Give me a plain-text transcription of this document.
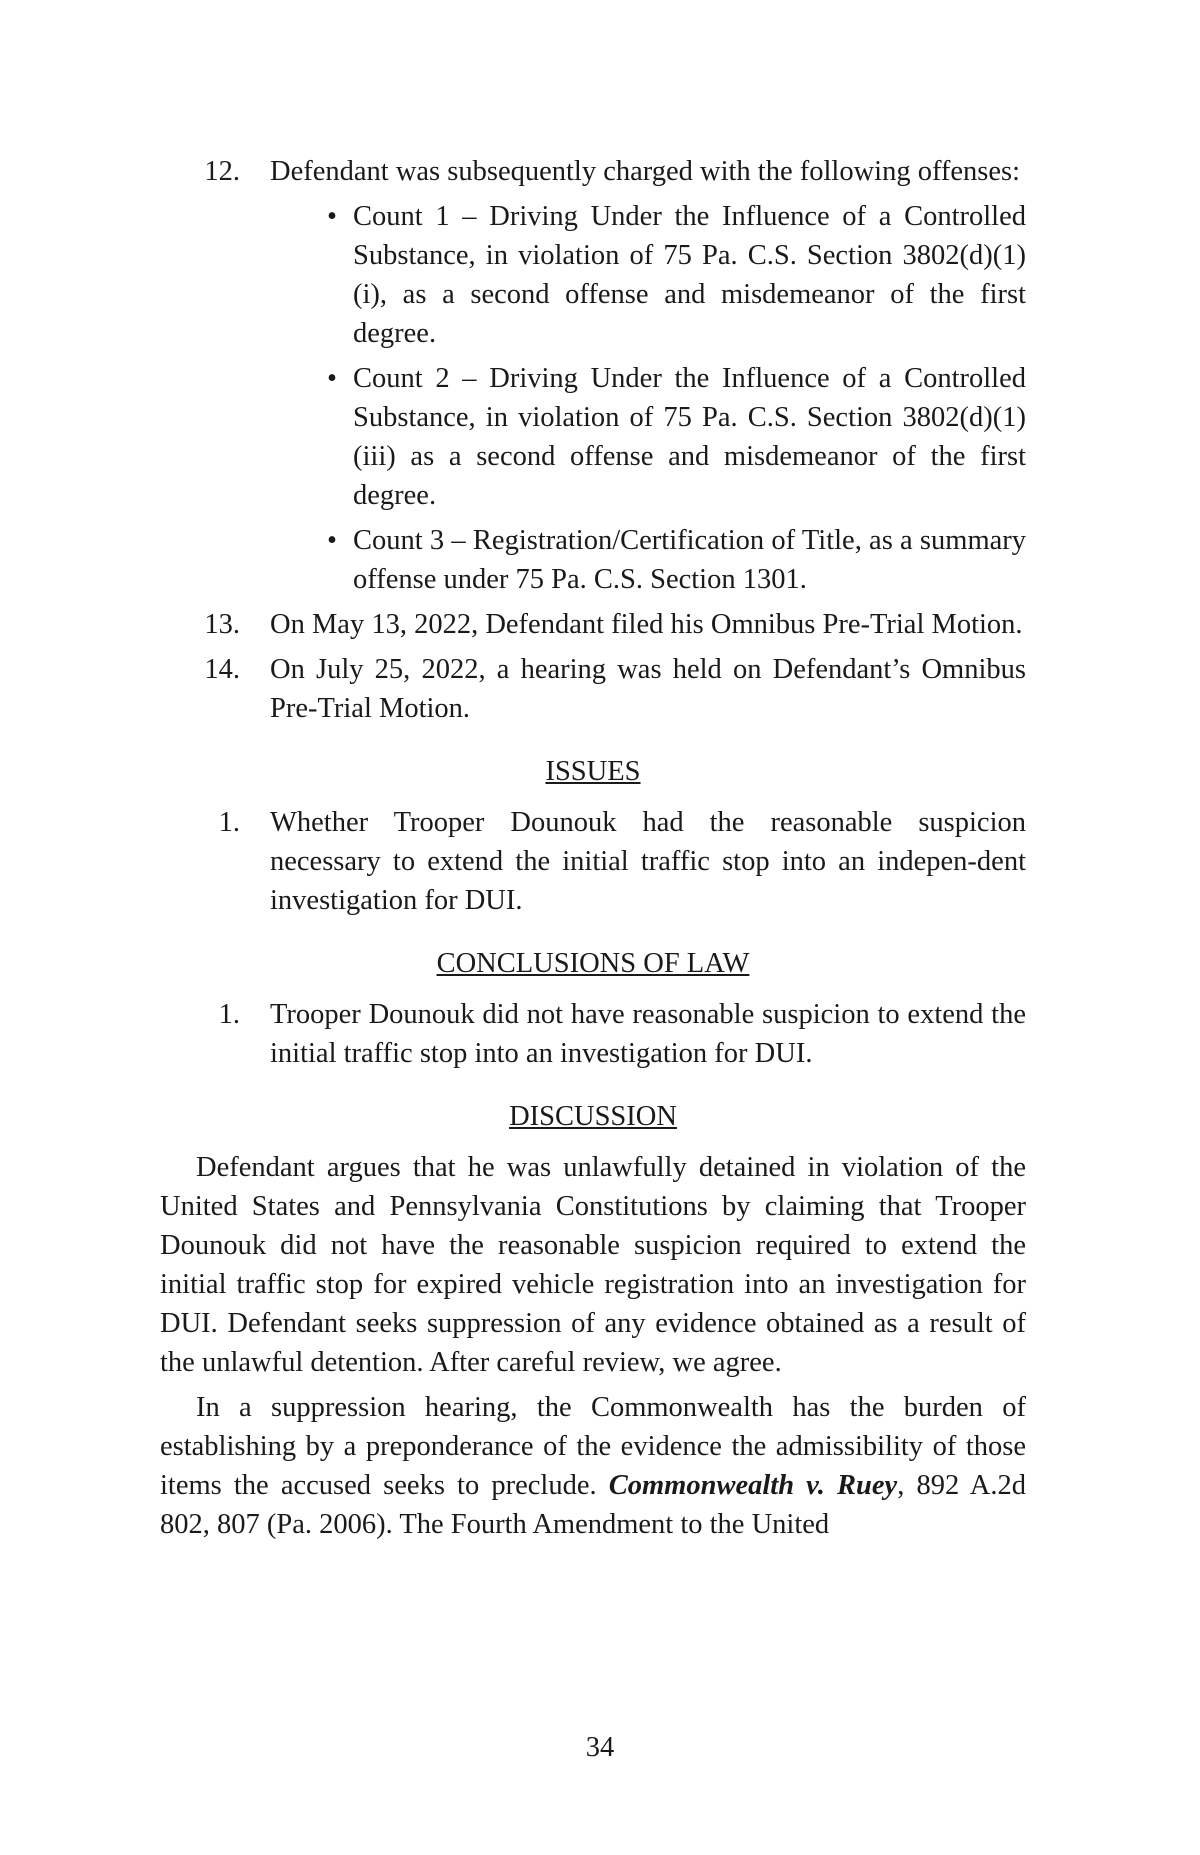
12. Defendant was subsequently charged with the following offenses:
• Count 1 – Driving Under the Influence of a Controlled Substance, in violation of 75 Pa. C.S. Section 3802(d)(1)(i), as a second offense and misdemeanor of the first degree.
• Count 2 – Driving Under the Influence of a Controlled Substance, in violation of 75 Pa. C.S. Section 3802(d)(1)(iii) as a second offense and misdemeanor of the first degree.
• Count 3 – Registration/Certification of Title, as a summary offense under 75 Pa. C.S. Section 1301.
13. On May 13, 2022, Defendant filed his Omnibus Pre-Trial Motion.
14. On July 25, 2022, a hearing was held on Defendant’s Omnibus Pre-Trial Motion.
ISSUES
1. Whether Trooper Dounouk had the reasonable suspicion necessary to extend the initial traffic stop into an indepen-dent investigation for DUI.
CONCLUSIONS OF LAW
1. Trooper Dounouk did not have reasonable suspicion to extend the initial traffic stop into an investigation for DUI.
DISCUSSION

Defendant argues that he was unlawfully detained in violation of the United States and Pennsylvania Constitutions by claiming that Trooper Dounouk did not have the reasonable suspicion required to extend the initial traffic stop for expired vehicle registration into an investigation for DUI. Defendant seeks suppression of any evidence obtained as a result of the unlawful detention. After careful review, we agree.

In a suppression hearing, the Commonwealth has the burden of establishing by a preponderance of the evidence the admissibility of those items the accused seeks to preclude. Commonwealth v. Ruey, 892 A.2d 802, 807 (Pa. 2006). The Fourth Amendment to the United

34
